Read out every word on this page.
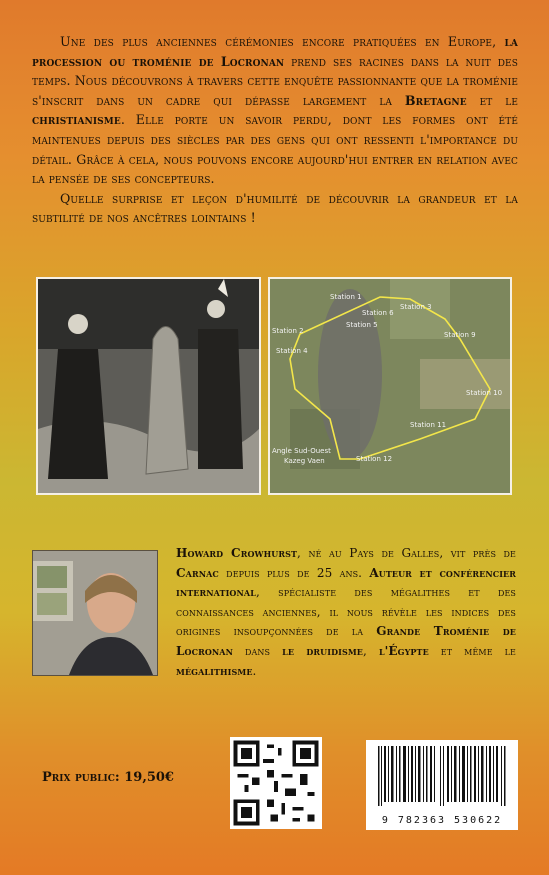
Une des plus anciennes cérémonies encore pratiquées en Europe, la procession ou troménie de Locronan prend ses racines dans la nuit des temps. Nous découvrons à travers cette enquête passionnante que la troménie s'inscrit dans un cadre qui dépasse largement la Bretagne et le christianisme. Elle porte un savoir perdu, dont les formes ont été maintenues depuis des siècles par des gens qui ont ressenti l'importance du détail. Grâce à cela, nous pouvons encore aujourd'hui entrer en relation avec la pensée de ses concepteurs.

Quelle surprise et leçon d'humilité de découvrir la grandeur et la subtilité de nos ancêtres lointains !

Station 1
Station 2
Station 3
Station 4
Station 5
Station 6
Station 9
Station 10
Station 11
Station 12
Angle Sud-Ouest
Kazeg Vaen
Howard Crowhurst, né au Pays de Galles, vit près de Carnac depuis plus de 25 ans. Auteur et conférencier international, spécialiste des mégalithes et des connaissances anciennes, il nous révèle les indices des origines insoupçonnées de la Grande Troménie de Locronan dans le druidisme, l'Égypte et même le mégalithisme.
Prix public: 19,50€
9 782363 530622
